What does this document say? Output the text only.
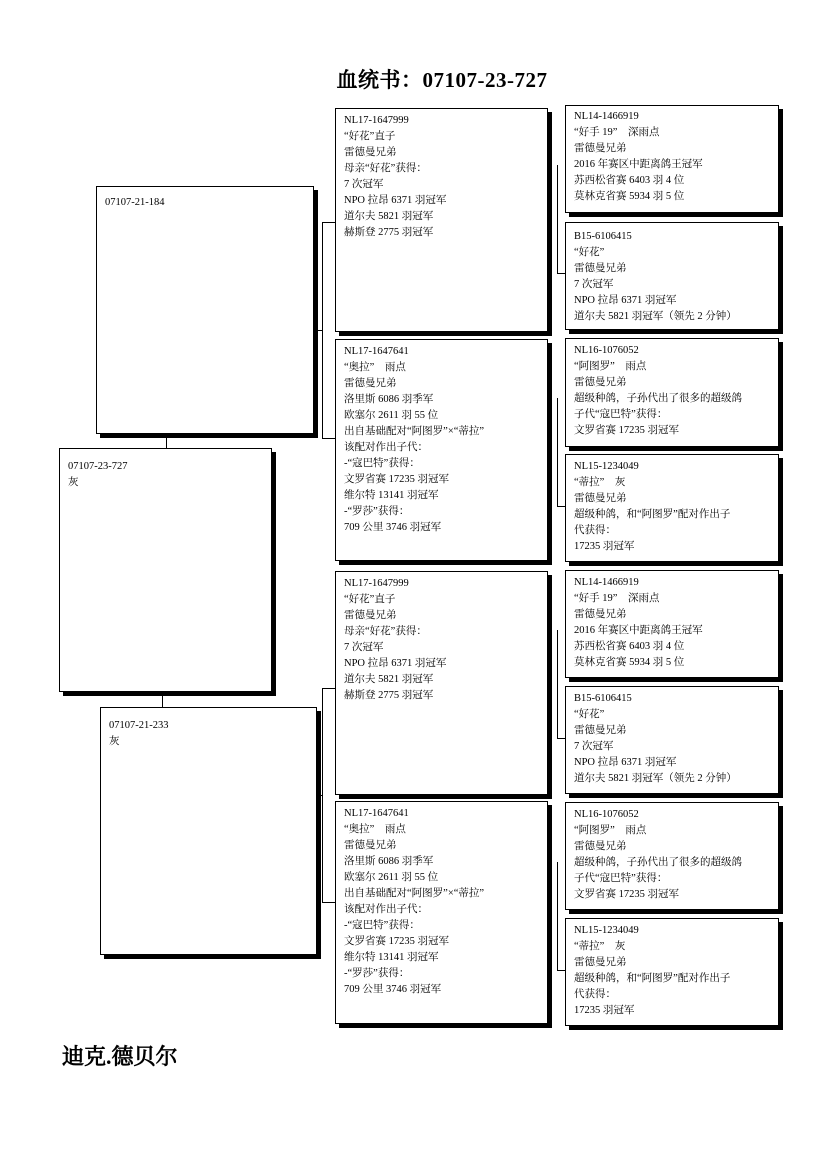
血统书：07107-23-727
07107-23-727
灰
07107-21-184
07107-21-233
灰
NL17-1647999
“好花”直子
雷德曼兄弟
母亲“好花”获得：
7 次冠军
NPO 拉昂 6371 羽冠军
道尔夫 5821 羽冠军
赫斯登 2775 羽冠军
NL17-1647641
“奥拉”　雨点
雷德曼兄弟
洛里斯 6086 羽季军
欧塞尔 2611 羽 55 位
出自基础配对“阿图罗”×“蒂拉”
该配对作出子代：
-“寇巴特”获得：
文罗省赛 17235 羽冠军
维尔特 13141 羽冠军
-“罗莎”获得：
709 公里 3746 羽冠军
NL17-1647999
“好花”直子
雷德曼兄弟
母亲“好花”获得：
7 次冠军
NPO 拉昂 6371 羽冠军
道尔夫 5821 羽冠军
赫斯登 2775 羽冠军
NL17-1647641
“奥拉”　雨点
雷德曼兄弟
洛里斯 6086 羽季军
欧塞尔 2611 羽 55 位
出自基础配对“阿图罗”×“蒂拉”
该配对作出子代：
-“寇巴特”获得：
文罗省赛 17235 羽冠军
维尔特 13141 羽冠军
-“罗莎”获得：
709 公里 3746 羽冠军
NL14-1466919
“好手 19”　深雨点
雷德曼兄弟
2016 年赛区中距离鸽王冠军
苏西松省赛 6403 羽 4 位
莫林克省赛 5934 羽 5 位
B15-6106415
“好花”
雷德曼兄弟
7 次冠军
NPO 拉昂 6371 羽冠军
道尔夫 5821 羽冠军（领先 2 分钟）
NL16-1076052
“阿图罗”　雨点
雷德曼兄弟
超级种鸽，子孙代出了很多的超级鸽
子代“寇巴特”获得：
文罗省赛 17235 羽冠军
NL15-1234049
“蒂拉”　灰
雷德曼兄弟
超级种鸽，和“阿图罗”配对作出子
代获得：
17235 羽冠军
NL14-1466919
“好手 19”　深雨点
雷德曼兄弟
2016 年赛区中距离鸽王冠军
苏西松省赛 6403 羽 4 位
莫林克省赛 5934 羽 5 位
B15-6106415
“好花”
雷德曼兄弟
7 次冠军
NPO 拉昂 6371 羽冠军
道尔夫 5821 羽冠军（领先 2 分钟）
NL16-1076052
“阿图罗”　雨点
雷德曼兄弟
超级种鸽，子孙代出了很多的超级鸽
子代“寇巴特”获得：
文罗省赛 17235 羽冠军
NL15-1234049
“蒂拉”　灰
雷德曼兄弟
超级种鸽，和“阿图罗”配对作出子
代获得：
17235 羽冠军
迪克.德贝尔
